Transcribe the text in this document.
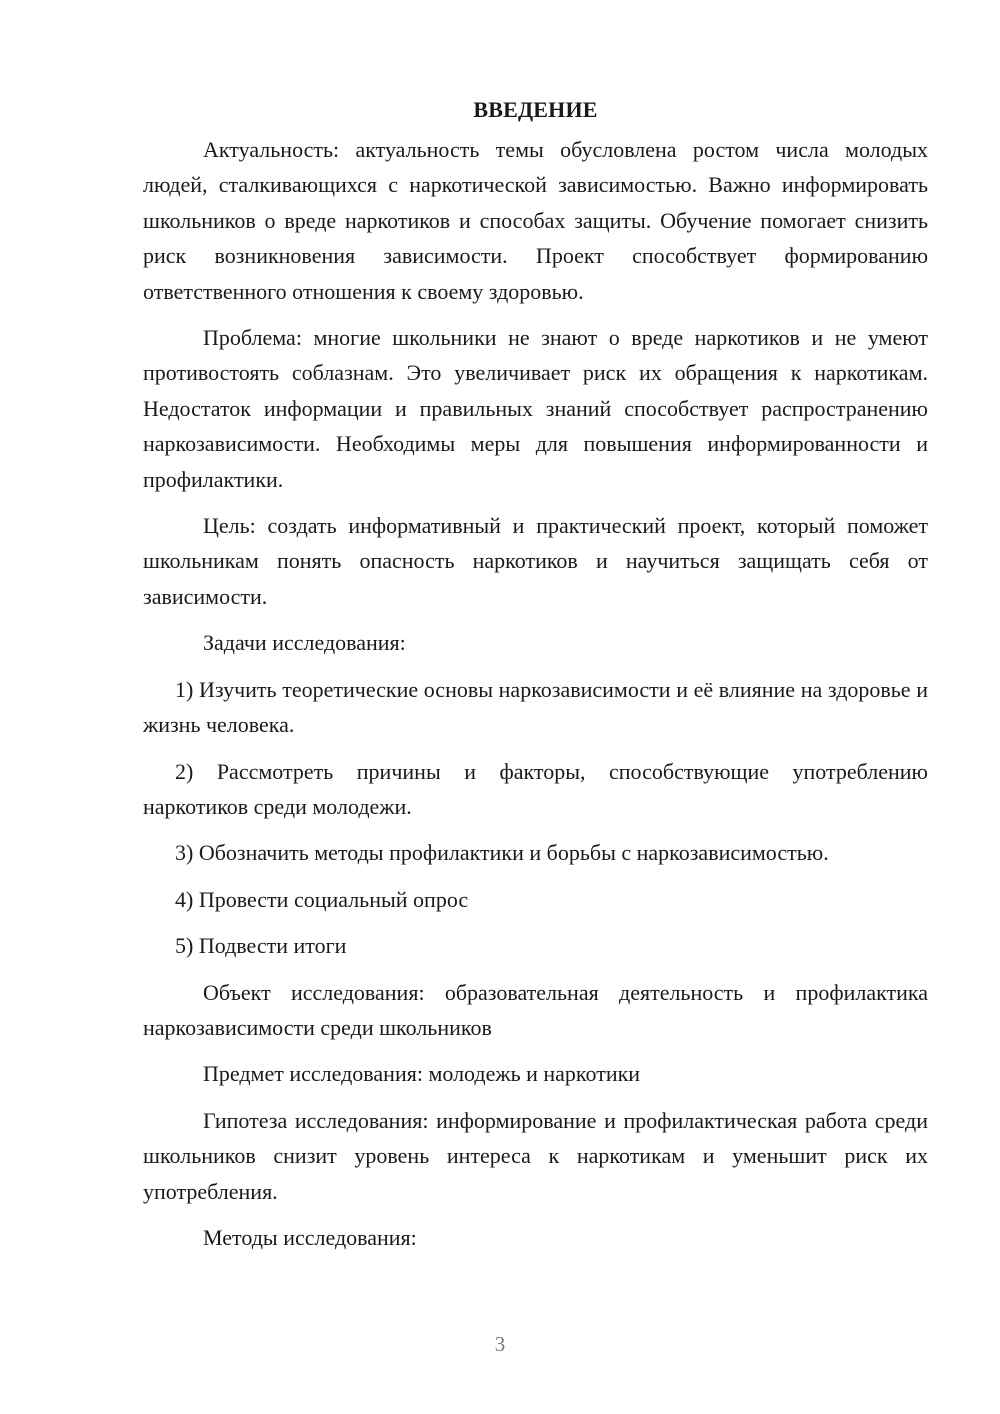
ВВЕДЕНИЕ

Актуальность: актуальность темы обусловлена ростом числа молодых людей, сталкивающихся с наркотической зависимостью. Важно информировать школьников о вреде наркотиков и способах защиты. Обучение помогает снизить риск возникновения зависимости. Проект способствует формированию ответственного отношения к своему здоровью.

Проблема: многие школьники не знают о вреде наркотиков и не умеют противостоять соблазнам. Это увеличивает риск их обращения к наркотикам. Недостаток информации и правильных знаний способствует распространению наркозависимости. Необходимы меры для повышения информированности и профилактики.

Цель: создать информативный и практический проект, который поможет школьникам понять опасность наркотиков и научиться защищать себя от зависимости.

Задачи исследования:

1) Изучить теоретические основы наркозависимости и её влияние на здоровье и жизнь человека.

2) Рассмотреть причины и факторы, способствующие употреблению наркотиков среди молодежи.

3) Обозначить методы профилактики и борьбы с наркозависимостью.

4) Провести социальный опрос

5) Подвести итоги

Объект исследования: образовательная деятельность и профилактика наркозависимости среди школьников

Предмет исследования: молодежь и наркотики

Гипотеза исследования: информирование и профилактическая работа среди школьников снизит уровень интереса к наркотикам и уменьшит риск их употребления.

Методы исследования:

3
